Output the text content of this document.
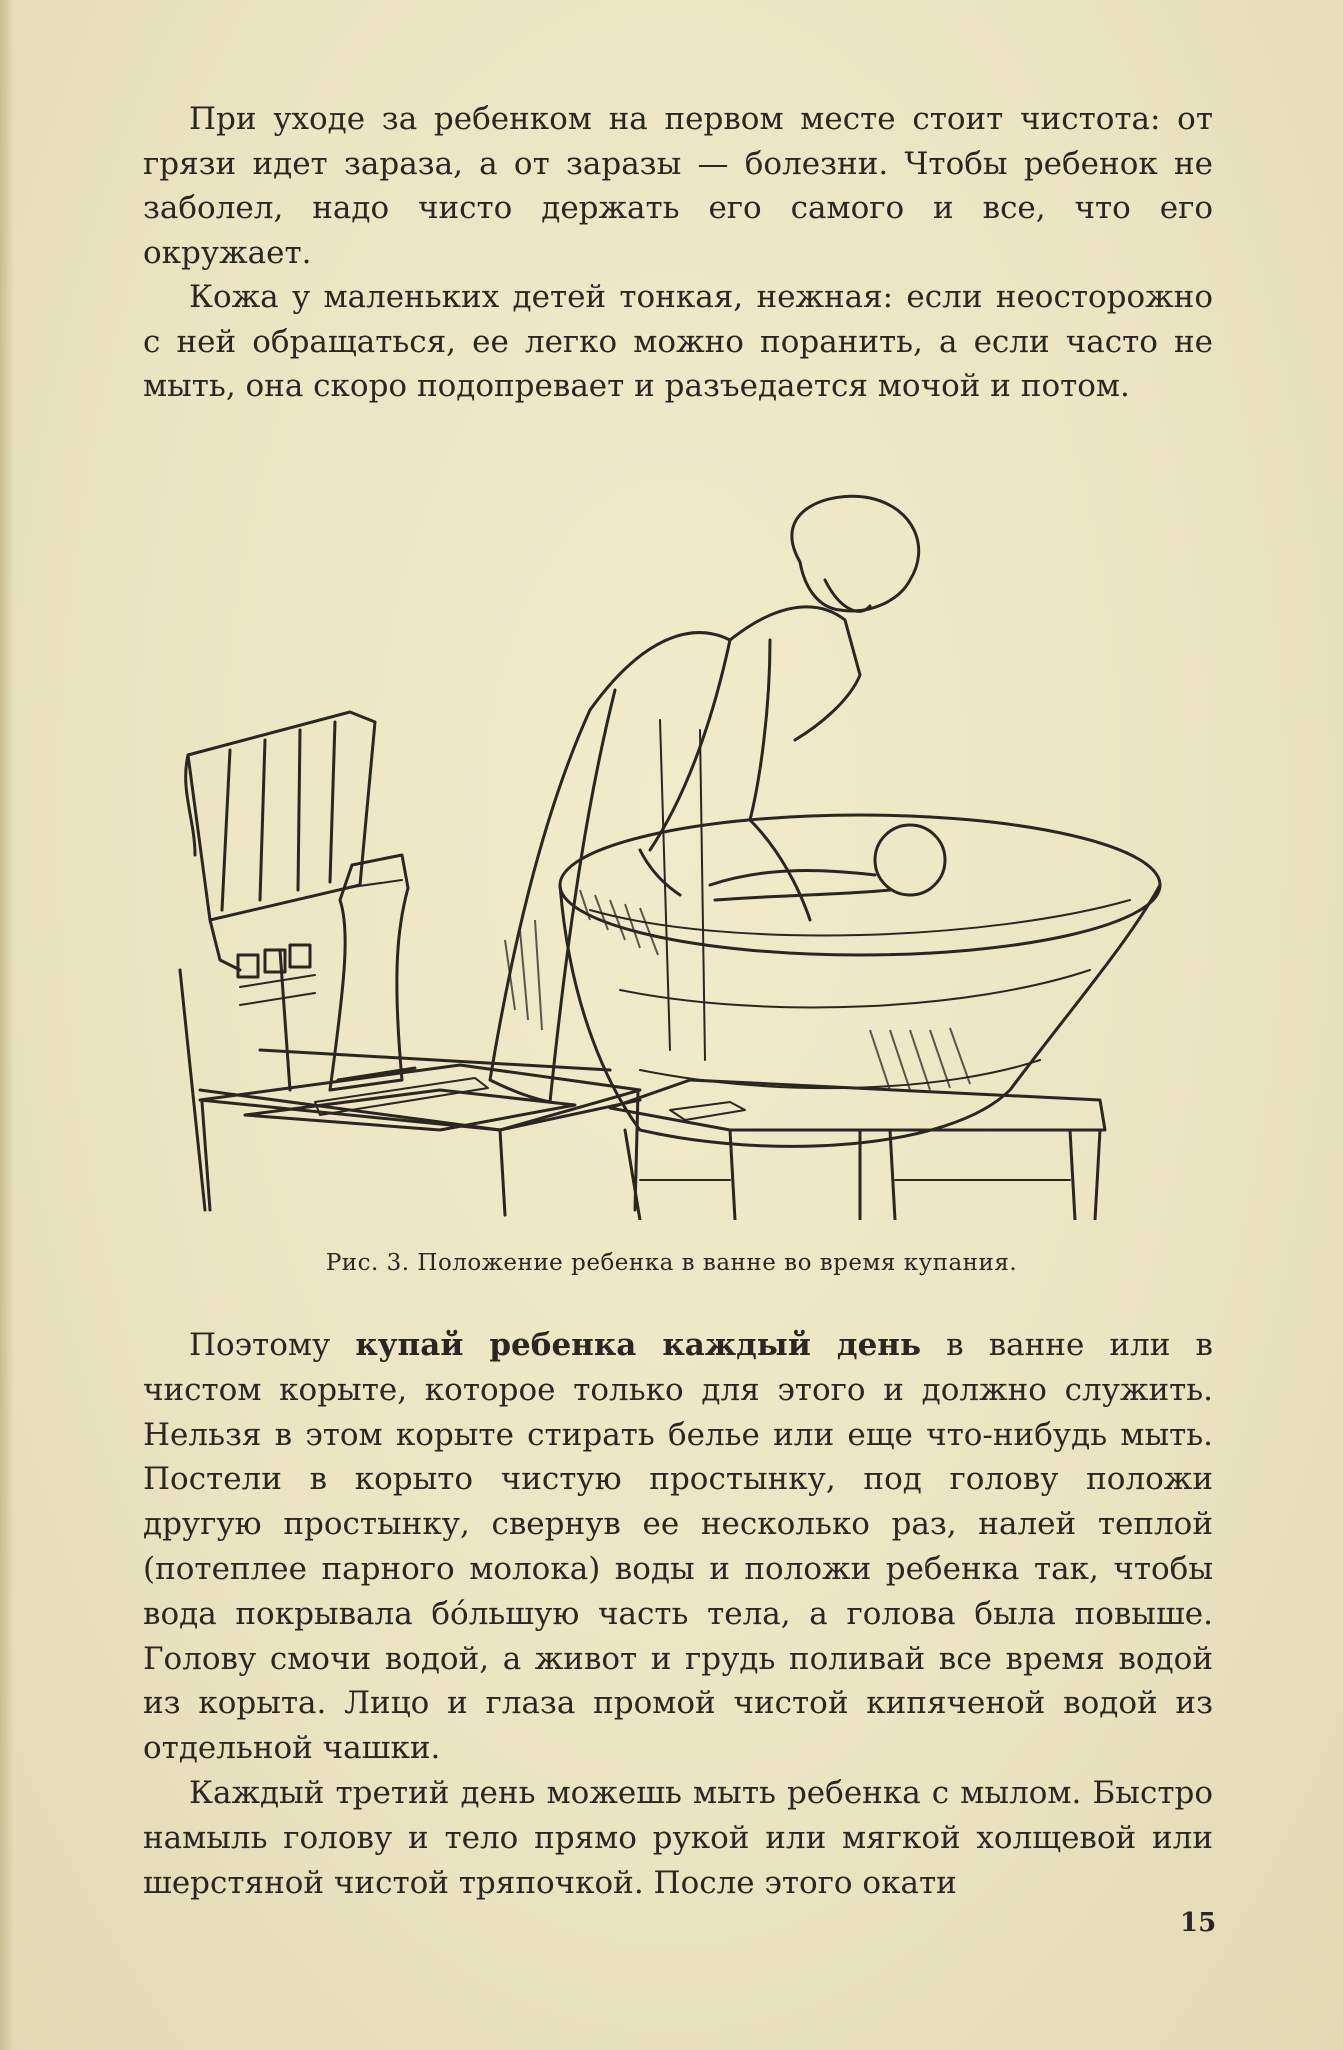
При уходе за ребенком на первом месте стоит чистота: от грязи идет зараза, а от заразы — болезни. Чтобы ребенок не заболел, надо чисто держать его самого и все, что его окружает.

Кожа у маленьких детей тонкая, нежная: если неосторожно с ней обращаться, ее легко можно поранить, а если часто не мыть, она скоро подопревает и разъедается мочой и потом.

Рис. 3. Положение ребенка в ванне во время купания.

Поэтому купай ребенка каждый день в ванне или в чистом корыте, которое только для этого и должно служить. Нельзя в этом корыте стирать белье или еще что-нибудь мыть. Постели в корыто чистую простынку, под голову положи другую простынку, свернув ее несколько раз, налей теплой (потеплее парного молока) воды и положи ребенка так, чтобы вода покрывала бо́льшую часть тела, а голова была повыше. Голову смочи водой, а живот и грудь поливай все время водой из корыта. Лицо и глаза промой чистой кипяченой водой из отдельной чашки.

Каждый третий день можешь мыть ребенка с мылом. Быстро намыль голову и тело прямо рукой или мягкой холщевой или шерстяной чистой тряпочкой. После этого окати

15
